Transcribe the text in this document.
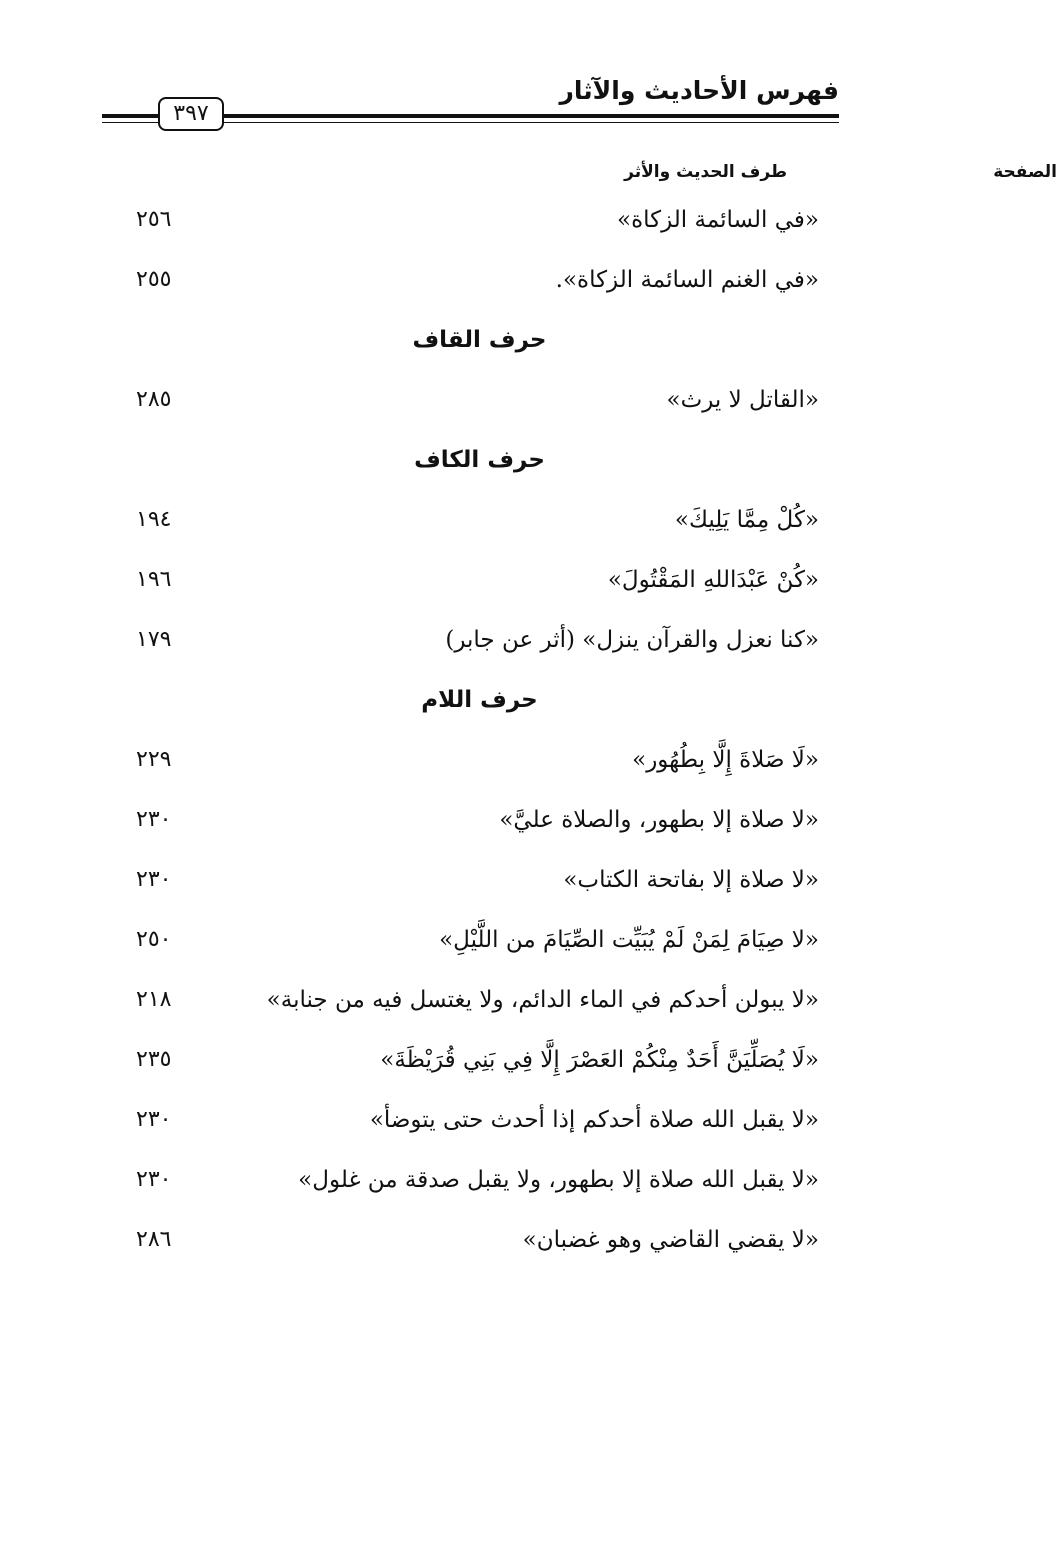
فهرس الأحاديث والآثار
٣٩٧
طرف الحديث والأثر	الصفحة
«في السائمة الزكاة»
٢٥٦
«في الغنم السائمة الزكاة».
٢٥٥
حرف القاف
«القاتل لا يرث»
٢٨٥
حرف الكاف
«كُلْ مِمَّا يَلِيكَ»
١٩٤
«كُنْ عَبْدَاللهِ المَقْتُولَ»
١٩٦
«كنا نعزل والقرآن ينزل» (أثر عن جابر)
١٧٩
حرف اللام
«لَا صَلاةَ إِلَّا بِطُهُور»
٢٢٩
«لا صلاة إلا بطهور، والصلاة عليَّ»
٢٣٠
«لا صلاة إلا بفاتحة الكتاب»
٢٣٠
«لا صِيَامَ لِمَنْ لَمْ يُبَيِّت الصِّيَامَ من اللَّيْلِ»
٢٥٠
«لا يبولن أحدكم في الماء الدائم، ولا يغتسل فيه من جنابة»
٢١٨
«لَا يُصَلِّيَنَّ أَحَدٌ مِنْكُمْ العَصْرَ إِلَّا فِي بَنِي قُرَيْظَةَ»
٢٣٥
«لا يقبل الله صلاة أحدكم إذا أحدث حتى يتوضأ»
٢٣٠
«لا يقبل الله صلاة إلا بطهور، ولا يقبل صدقة من غلول»
٢٣٠
«لا يقضي القاضي وهو غضبان»
٢٨٦
